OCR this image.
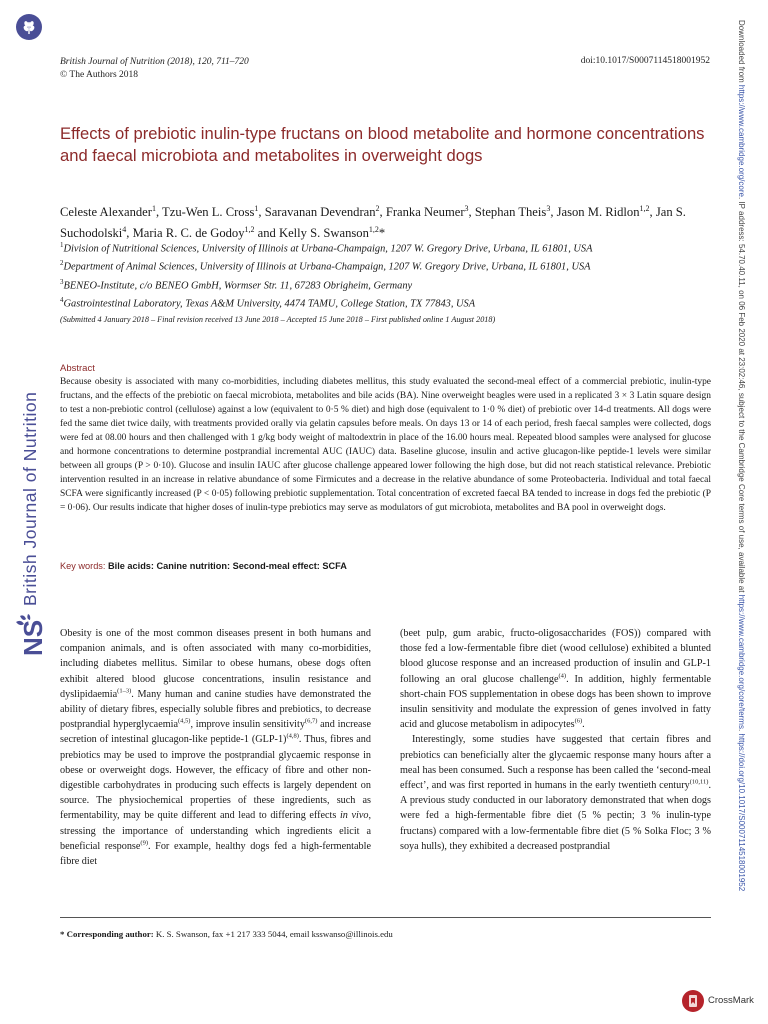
British Journal of Nutrition
NS
Downloaded from https://www.cambridge.org/core. IP address: 54.70.40.11, on 06 Feb 2020 at 23:02:46, subject to the Cambridge Core terms of use, available at https://www.cambridge.org/core/terms. https://doi.org/10.1017/S0007114518001952
British Journal of Nutrition (2018), 120, 711–720
© The Authors 2018
doi:10.1017/S0007114518001952
Effects of prebiotic inulin-type fructans on blood metabolite and hormone concentrations and faecal microbiota and metabolites in overweight dogs
Celeste Alexander$^1$, Tzu-Wen L. Cross$^1$, Saravanan Devendran$^2$, Franka Neumer$^3$, Stephan Theis$^3$, Jason M. Ridlon$^{1,2}$, Jan S. Suchodolski$^4$, Maria R. C. de Godoy$^{1,2}$ and Kelly S. Swanson$^{1,2}$*
$^1$Division of Nutritional Sciences, University of Illinois at Urbana-Champaign, 1207 W. Gregory Drive, Urbana, IL 61801, USA
$^2$Department of Animal Sciences, University of Illinois at Urbana-Champaign, 1207 W. Gregory Drive, Urbana, IL 61801, USA
$^3$BENEO-Institute, c/o BENEO GmbH, Wormser Str. 11, 67283 Obrigheim, Germany
$^4$Gastrointestinal Laboratory, Texas A&M University, 4474 TAMU, College Station, TX 77843, USA
(Submitted 4 January 2018 – Final revision received 13 June 2018 – Accepted 15 June 2018 – First published online 1 August 2018)
Abstract
Because obesity is associated with many co-morbidities, including diabetes mellitus, this study evaluated the second-meal effect of a commercial prebiotic, inulin-type fructans, and the effects of the prebiotic on faecal microbiota, metabolites and bile acids (BA). Nine overweight beagles were used in a replicated 3 × 3 Latin square design to test a non-prebiotic control (cellulose) against a low (equivalent to 0·5 % diet) and high dose (equivalent to 1·0 % diet) of prebiotic over 14-d treatments. All dogs were fed the same diet twice daily, with treatments provided orally via gelatin capsules before meals. On days 13 or 14 of each period, fresh faecal samples were collected, dogs were fed at 08.00 hours and then challenged with 1 g/kg body weight of maltodextrin in place of the 16.00 hours meal. Repeated blood samples were analysed for glucose and hormone concentrations to determine postprandial incremental AUC (IAUC) data. Baseline glucose, insulin and active glucagon-like peptide-1 levels were similar between all groups (P > 0·10). Glucose and insulin IAUC after glucose challenge appeared lower following the high dose, but did not reach statistical relevance. Prebiotic intervention resulted in an increase in relative abundance of some Firmicutes and a decrease in the relative abundance of some Proteobacteria. Individual and total faecal SCFA were significantly increased (P < 0·05) following prebiotic supplementation. Total concentration of excreted faecal BA tended to increase in dogs fed the prebiotic (P = 0·06). Our results indicate that higher doses of inulin-type prebiotics may serve as modulators of gut microbiota, metabolites and BA pool in overweight dogs.
Key words: Bile acids: Canine nutrition: Second-meal effect: SCFA

Obesity is one of the most common diseases present in both humans and companion animals, and is often associated with many co-morbidities, including diabetes mellitus. Similar to obese humans, obese dogs often exhibit altered blood glucose concentrations, insulin resistance and dyslipidaemia$^{(1-3)}$. Many human and canine studies have demonstrated the ability of dietary fibres, especially soluble fibres and prebiotics, to decrease postprandial hyperglycaemia$^{(4,5)}$, improve insulin sensitivity$^{(6,7)}$ and increase secretion of intestinal glucagon-like peptide-1 $(GLP-1)^{(4,8)}$. Thus, fibres and prebiotics may be used to improve the postprandial glycaemic response in obese or overweight dogs. However, the efficacy of fibre and other non-digestible carbohydrates in producing such effects is largely dependent on source. The physiochemical properties of these ingredients, such as fermentability, may be quite different and lead to differing effects in vivo, stressing the importance of understanding which ingredients elicit a beneficial response$^{(9)}$. For example, healthy dogs fed a high-fermentable fibre diet

(beet pulp, gum arabic, fructo-oligosaccharides (FOS)) compared with those fed a low-fermentable fibre diet (wood cellulose) exhibited a blunted blood glucose response and an increased production of insulin and GLP-1 following an oral glucose challenge$^{(4)}$. In addition, highly fermentable short-chain FOS supplementation in obese dogs has been shown to improve insulin sensitivity and modulate the expression of genes involved in fatty acid and glucose metabolism in adipocytes$^{(6)}$.

Interestingly, some studies have suggested that certain fibres and prebiotics can beneficially alter the glycaemic response many hours after a meal has been consumed. Such a response has been called the ‘second-meal effect’, and was first reported in humans in the early twentieth century$^{(10,11)}$. A previous study conducted in our laboratory demonstrated that when dogs were fed a high-fermentable fibre diet (5 % pectin; 3 % inulin-type fructans) compared with a low-fermentable fibre diet (5 % Solka Floc; 3 % soya hulls), they exhibited a decreased postprandial

* Corresponding author: K. S. Swanson, fax +1 217 333 5044, email ksswanso@illinois.edu
CrossMark
